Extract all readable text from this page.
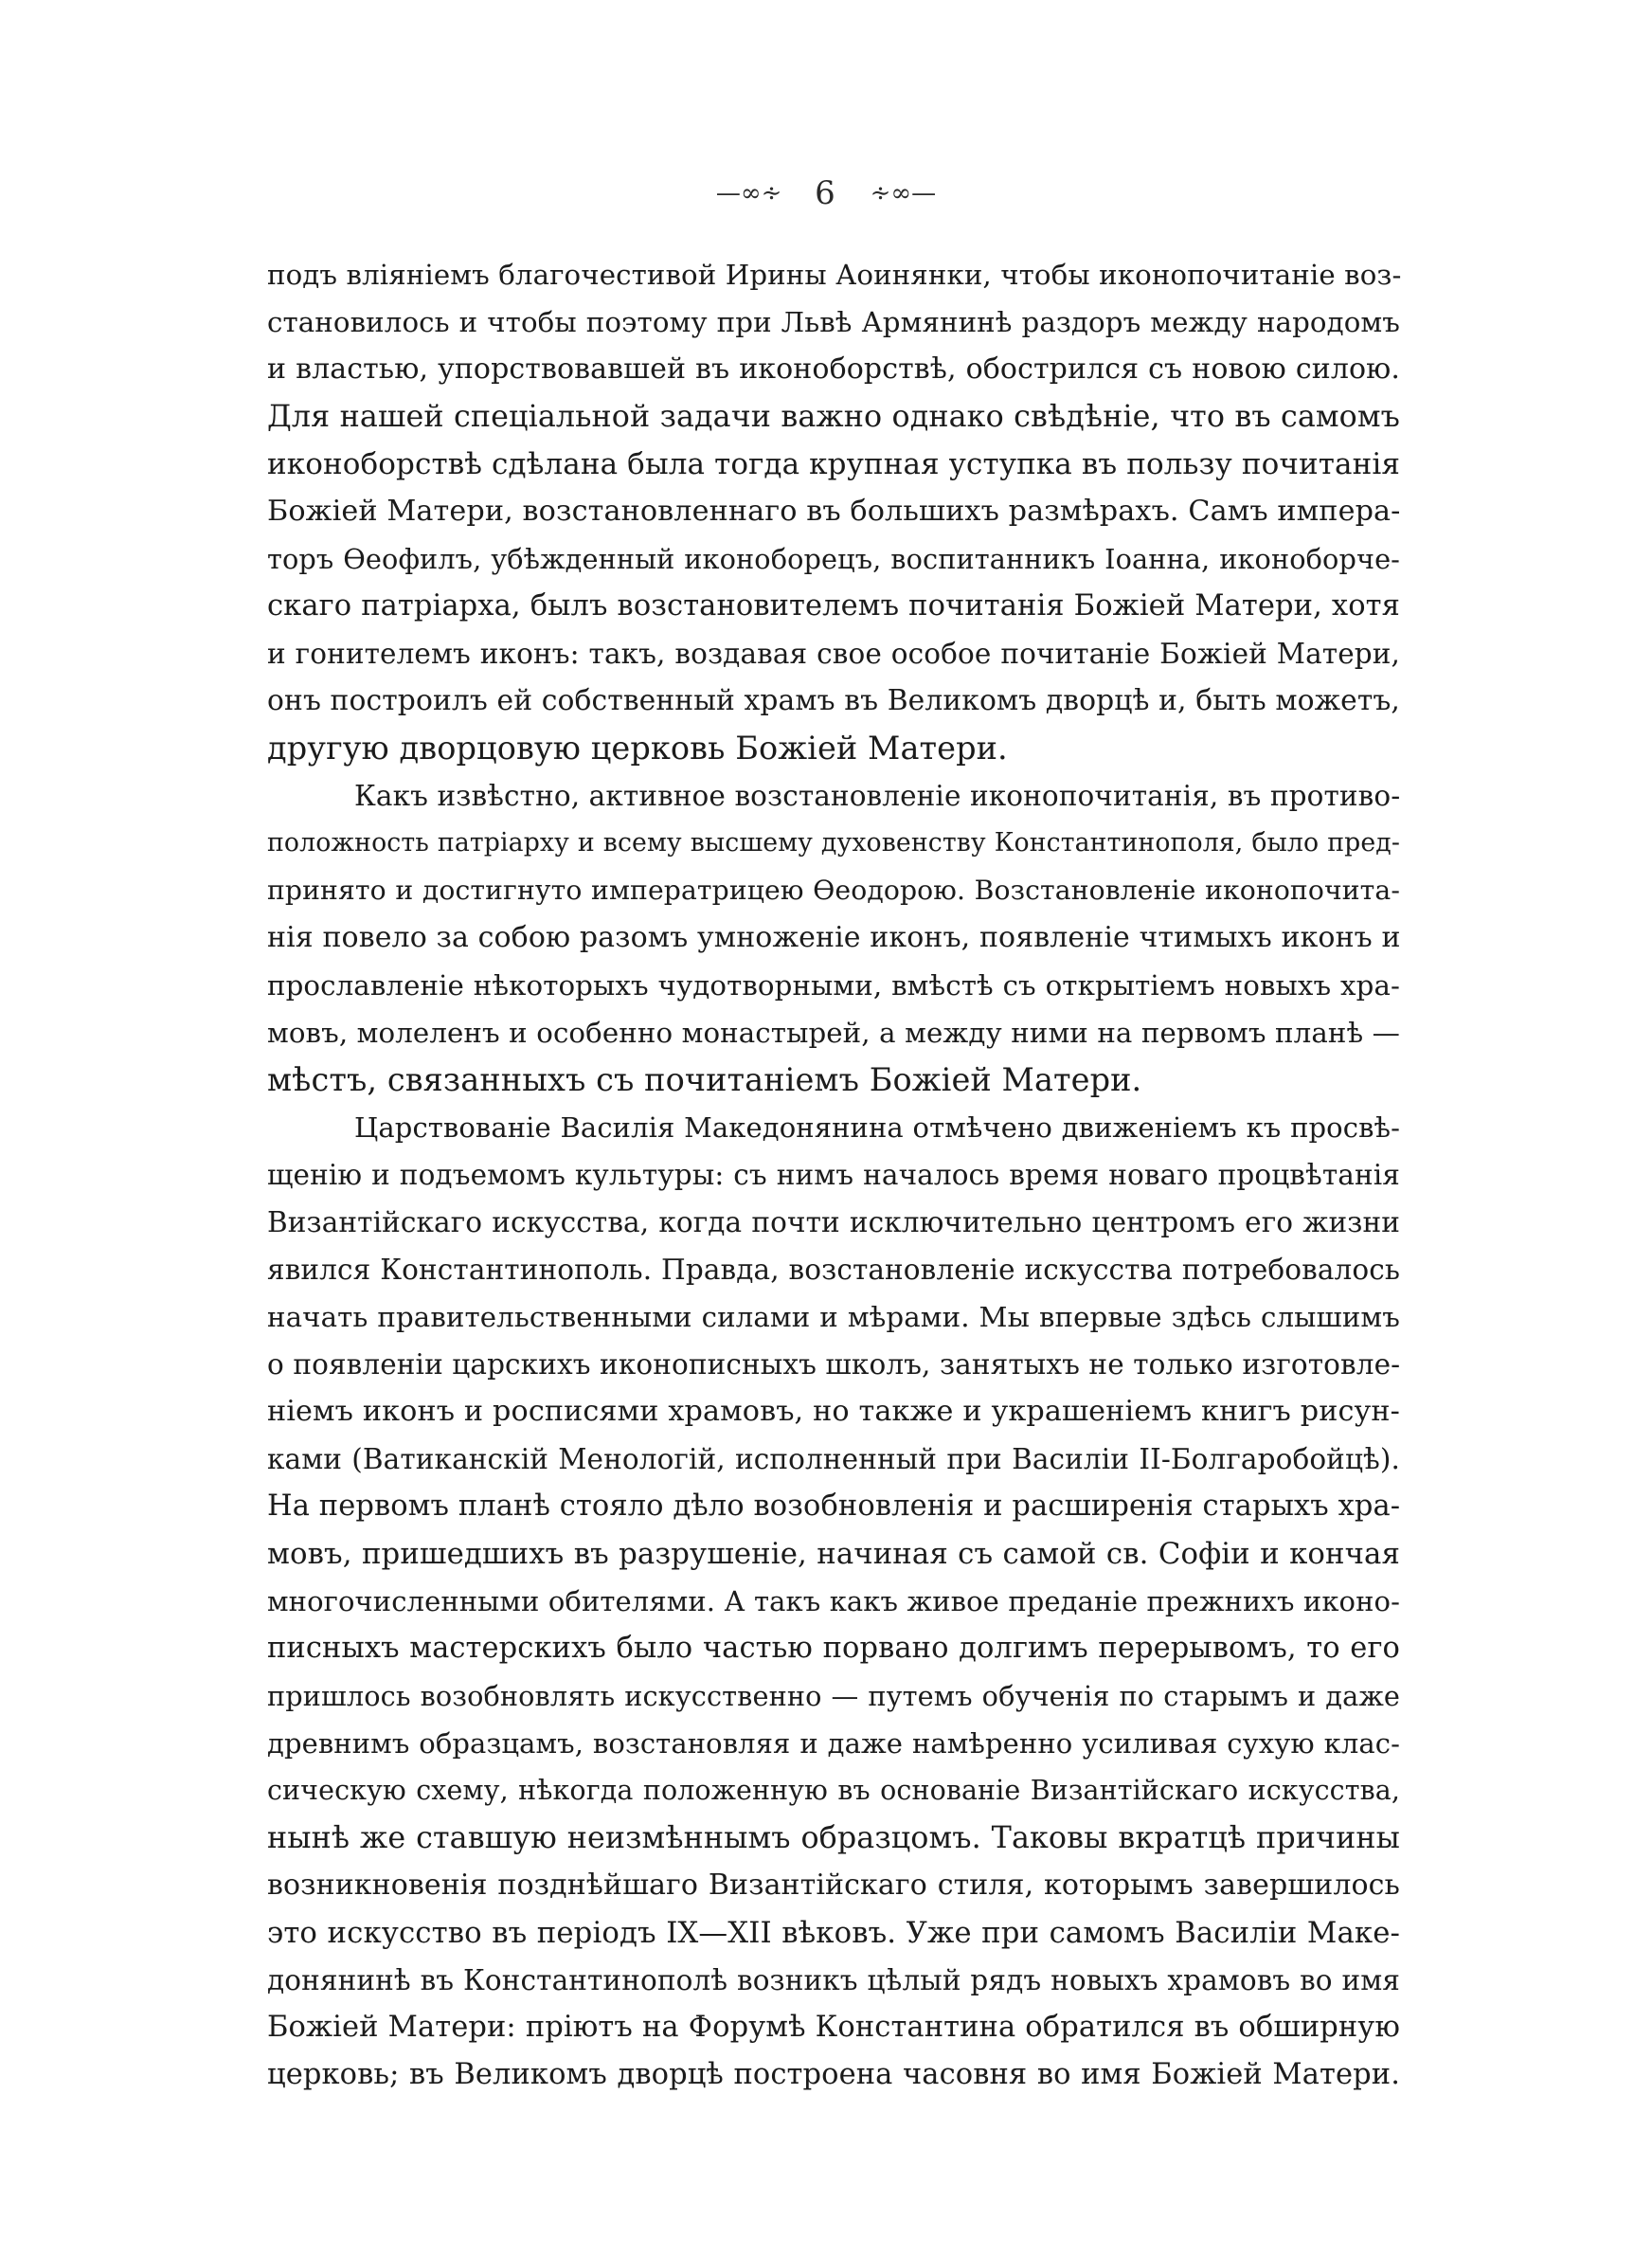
—∞∻ 6 ∻∞—
подъ вліяніемъ благочестивой Ирины Аоинянки, чтобы иконопочитаніе воз-
становилось и чтобы поэтому при Львѣ Армянинѣ раздоръ между народомъ
и властью, упорствовавшей въ иконоборствѣ, обострился съ новою силою.
Для нашей спеціальной задачи важно однако свѣдѣніе, что въ самомъ
иконоборствѣ сдѣлана была тогда крупная уступка въ пользу почитанія
Божіей Матери, возстановленнаго въ большихъ размѣрахъ. Самъ импера-
торъ Ѳеофилъ, убѣжденный иконоборецъ, воспитанникъ Іоанна, иконоборче-
скаго патріарха, былъ возстановителемъ почитанія Божіей Матери, хотя
и гонителемъ иконъ: такъ, воздавая свое особое почитаніе Божіей Матери,
онъ построилъ ей собственный храмъ въ Великомъ дворцѣ и, быть можетъ,
другую дворцовую церковь Божіей Матери.
Какъ извѣстно, активное возстановленіе иконопочитанія, въ противо-
положность патріарху и всему высшему духовенству Константинополя, было пред-
принято и достигнуто императрицею Ѳеодорою. Возстановленіе иконопочита-
нія повело за собою разомъ умноженіе иконъ, появленіе чтимыхъ иконъ и
прославленіе нѣкоторыхъ чудотворными, вмѣстѣ съ открытіемъ новыхъ хра-
мовъ, молеленъ и особенно монастырей, а между ними на первомъ планѣ —
мѣстъ, связанныхъ съ почитаніемъ Божіей Матери.
Царствованіе Василія Македонянина отмѣчено движеніемъ къ просвѣ-
щенію и подъемомъ культуры: съ нимъ началось время новаго процвѣтанія
Византійскаго искусства, когда почти исключительно центромъ его жизни
явился Константинополь. Правда, возстановленіе искусства потребовалось
начать правительственными силами и мѣрами. Мы впервые здѣсь слышимъ
о появленіи царскихъ иконописныхъ школъ, занятыхъ не только изготовле-
ніемъ иконъ и росписями храмовъ, но также и украшеніемъ книгъ рисун-
ками (Ватиканскій Менологій, исполненный при Василіи II-Болгаробойцѣ).
На первомъ планѣ стояло дѣло возобновленія и расширенія старыхъ хра-
мовъ, пришедшихъ въ разрушеніе, начиная съ самой св. Софіи и кончая
многочисленными обителями. А такъ какъ живое преданіе прежнихъ иконо-
писныхъ мастерскихъ было частью порвано долгимъ перерывомъ, то его
пришлось возобновлять искусственно — путемъ обученія по старымъ и даже
древнимъ образцамъ, возстановляя и даже намѣренно усиливая сухую клас-
сическую схему, нѣкогда положенную въ основаніе Византійскаго искусства,
нынѣ же ставшую неизмѣннымъ образцомъ. Таковы вкратцѣ причины
возникновенія позднѣйшаго Византійскаго стиля, которымъ завершилось
это искусство въ періодъ IX—XII вѣковъ. Уже при самомъ Василіи Маке-
донянинѣ въ Константинополѣ возникъ цѣлый рядъ новыхъ храмовъ во имя
Божіей Матери: пріютъ на Форумѣ Константина обратился въ обширную
церковь; въ Великомъ дворцѣ построена часовня во имя Божіей Матери.
